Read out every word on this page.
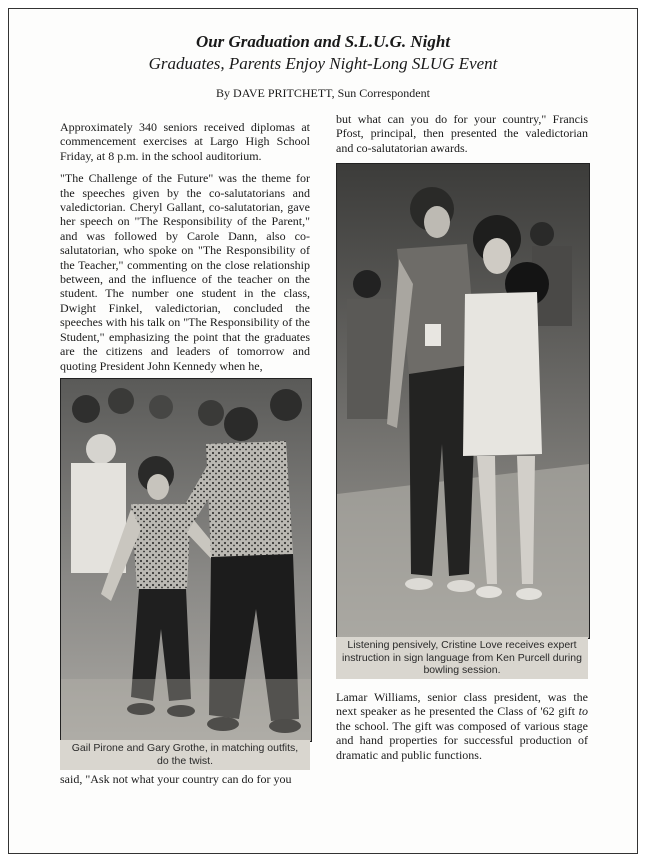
Our Graduation and S.L.U.G. Night
Graduates, Parents Enjoy Night-Long SLUG Event

By DAVE PRITCHETT, Sun Correspondent

Approximately 340 seniors received diplomas at commencement exercises at Largo High School Friday, at 8 p.m. in the school auditorium.

"The Challenge of the Future" was the theme for the speeches given by the co-salutatorians and valedictorian. Cheryl Gallant, co-salutatorian, gave her speech on "The Responsibility of the Parent," and was followed by Carole Dann, also co-salutatorian, who spoke on "The Responsibility of the Teacher," commenting on the close relationship between, and the influence of the teacher on the student. The number one student in the class, Dwight Finkel, valedictorian, concluded the speeches with his talk on "The Responsibility of the Student," emphasizing the point that the graduates are the citizens and leaders of tomorrow and quoting President John Kennedy when he,

Gail Pirone and Gary Grothe, in matching outfits,
do the twist.

said, "Ask not what your country can do for you

but what can you do for your country," Francis Pfost, principal, then presented the valedictorian and co-salutatorian awards.

Listening pensively, Cristine Love receives expert
instruction in sign language from Ken Purcell during
bowling session.

Lamar Williams, senior class president, was the next speaker as he presented the Class of '62 gift to the school. The gift was composed of various stage and hand properties for successful production of dramatic and public functions.
